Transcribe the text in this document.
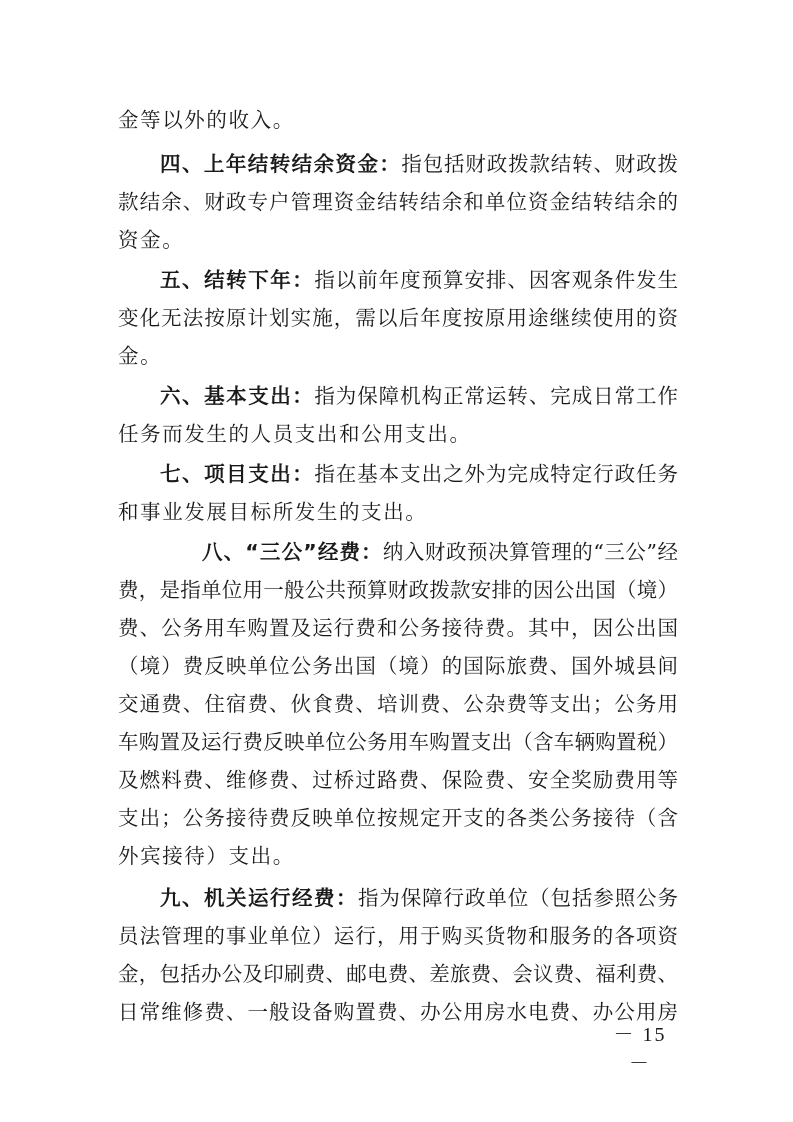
金等以外的收入。
四、上年结转结余资金：指包括财政拨款结转、财政拨
款结余、财政专户管理资金结转结余和单位资金结转结余的
资金。
五、结转下年：指以前年度预算安排、因客观条件发生
变化无法按原计划实施，需以后年度按原用途继续使用的资
金。
六、基本支出：指为保障机构正常运转、完成日常工作
任务而发生的人员支出和公用支出。
七、项目支出：指在基本支出之外为完成特定行政任务
和事业发展目标所发生的支出。
八、“三公”经费：纳入财政预决算管理的“三公”经
费，是指单位用一般公共预算财政拨款安排的因公出国（境）
费、公务用车购置及运行费和公务接待费。其中，因公出国
（境）费反映单位公务出国（境）的国际旅费、国外城县间
交通费、住宿费、伙食费、培训费、公杂费等支出；公务用
车购置及运行费反映单位公务用车购置支出（含车辆购置税）
及燃料费、维修费、过桥过路费、保险费、安全奖励费用等
支出；公务接待费反映单位按规定开支的各类公务接待（含
外宾接待）支出。
九、机关运行经费：指为保障行政单位（包括参照公务
员法管理的事业单位）运行，用于购买货物和服务的各项资
金，包括办公及印刷费、邮电费、差旅费、会议费、福利费、
日常维修费、一般设备购置费、办公用房水电费、办公用房
－ 15 －
